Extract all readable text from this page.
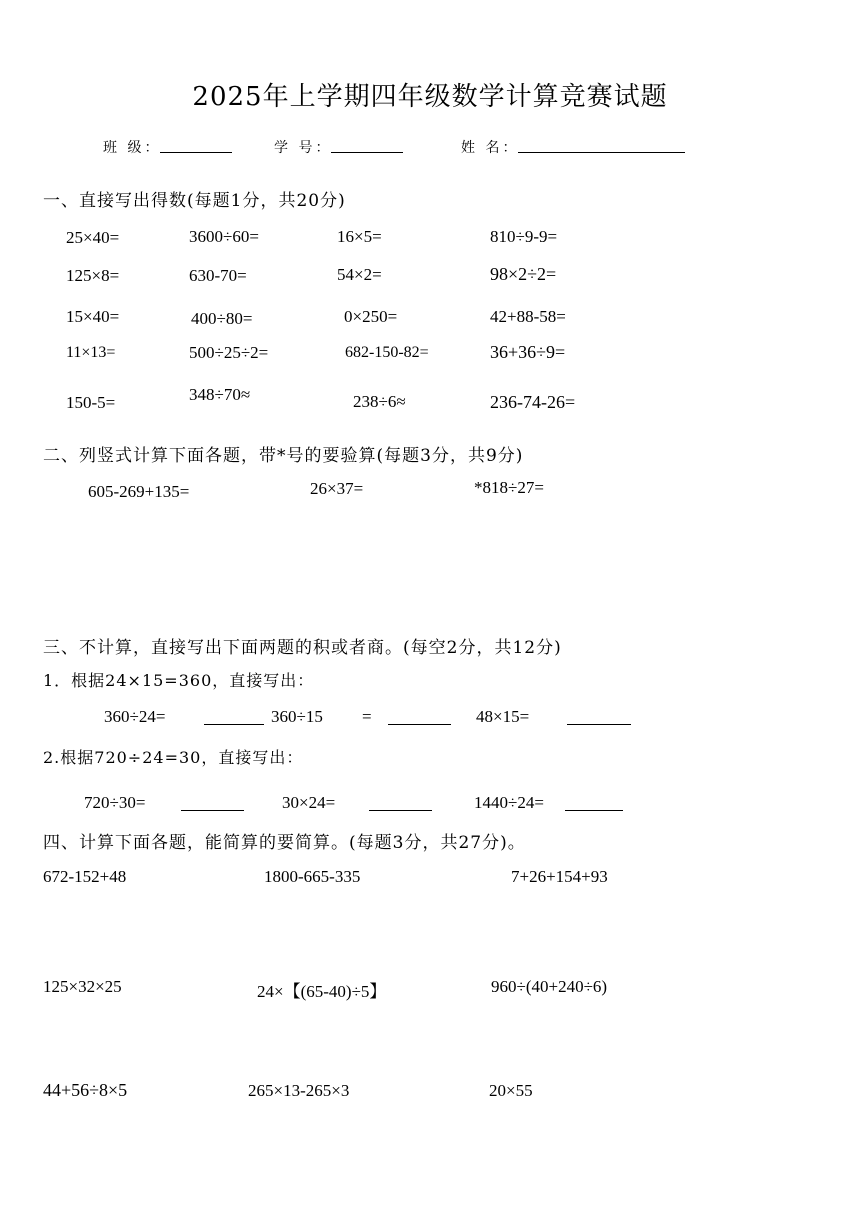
2025年上学期四年级数学计算竞赛试题
班 级：	学 号：	姓 名：
一、直接写出得数(每题1分，共20分)
25×40=	3600÷60=	16×5=	810÷9-9=
125×8=	630-70=	54×2=	98×2÷2=
15×40=	400÷80=	0×250=	42+88-58=
11×13=	500÷25÷2=	682-150-82=	36+36÷9=
150-5=	348÷70≈	238÷6≈	236-74-26=
二、列竖式计算下面各题，带*号的要验算(每题3分，共9分)
605-269+135=	26×37=	*818÷27=
三、不计算，直接写出下面两题的积或者商。(每空2分，共12分)
1．根据24×15=360，直接写出：
360÷24=	360÷15 =	48×15=
2.根据720÷24=30，直接写出：
720÷30=	30×24=	1440÷24=
四、计算下面各题，能简算的要简算。(每题3分，共27分)。
672-152+48	1800-665-335	7+26+154+93
125×32×25	24×【(65-40)÷5】	960÷(40+240÷6)
44+56÷8×5	265×13-265×3	20×55
